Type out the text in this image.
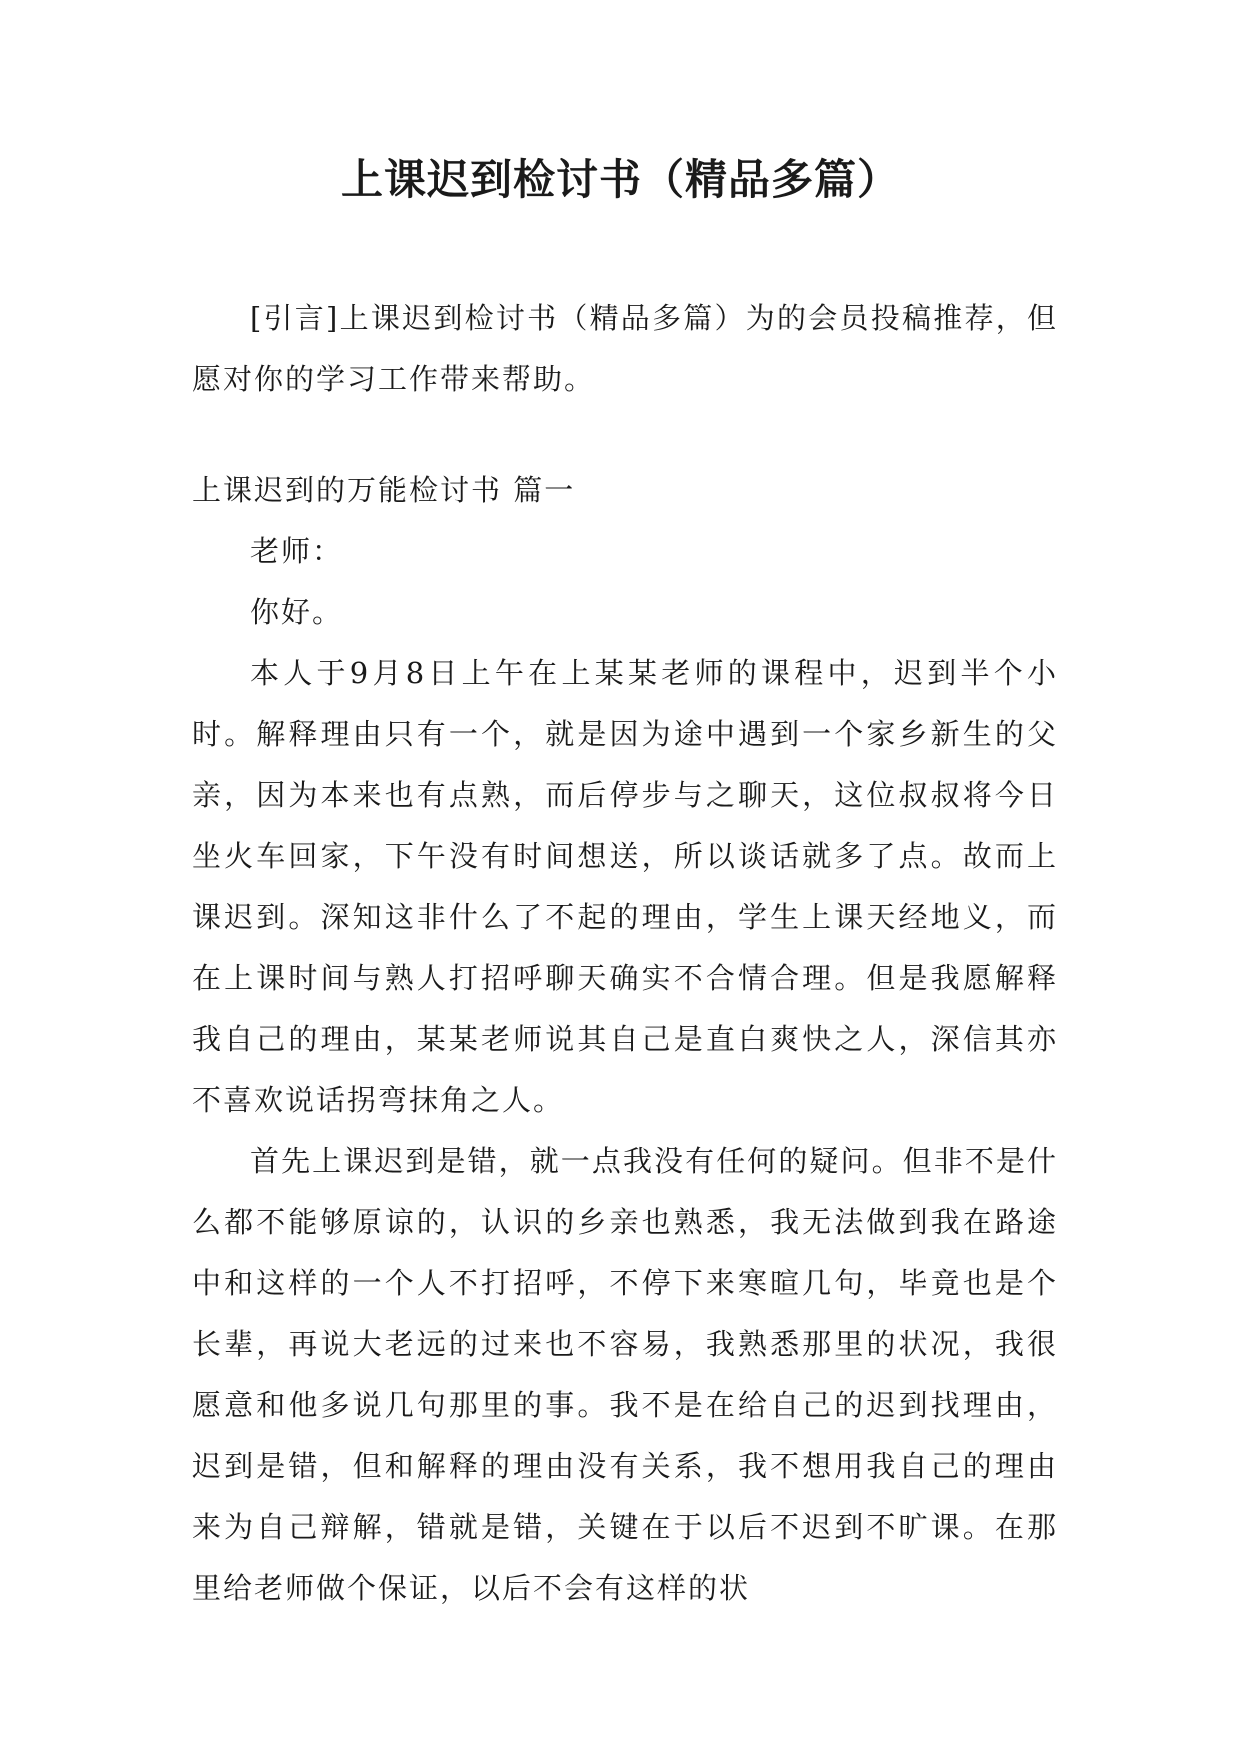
上课迟到检讨书（精品多篇）

[引言]上课迟到检讨书（精品多篇）为的会员投稿推荐，但愿对你的学习工作带来帮助。

上课迟到的万能检讨书 篇一

老师：

你好。

本人于9月8日上午在上某某老师的课程中，迟到半个小时。解释理由只有一个，就是因为途中遇到一个家乡新生的父亲，因为本来也有点熟，而后停步与之聊天，这位叔叔将今日坐火车回家，下午没有时间想送，所以谈话就多了点。故而上课迟到。深知这非什么了不起的理由，学生上课天经地义，而在上课时间与熟人打招呼聊天确实不合情合理。但是我愿解释我自己的理由，某某老师说其自己是直白爽快之人，深信其亦不喜欢说话拐弯抹角之人。

首先上课迟到是错，就一点我没有任何的疑问。但非不是什么都不能够原谅的，认识的乡亲也熟悉，我无法做到我在路途中和这样的一个人不打招呼，不停下来寒暄几句，毕竟也是个长辈，再说大老远的过来也不容易，我熟悉那里的状况，我很愿意和他多说几句那里的事。我不是在给自己的迟到找理由，迟到是错，但和解释的理由没有关系，我不想用我自己的理由来为自己辩解，错就是错，关键在于以后不迟到不旷课。在那里给老师做个保证，以后不会有这样的状
